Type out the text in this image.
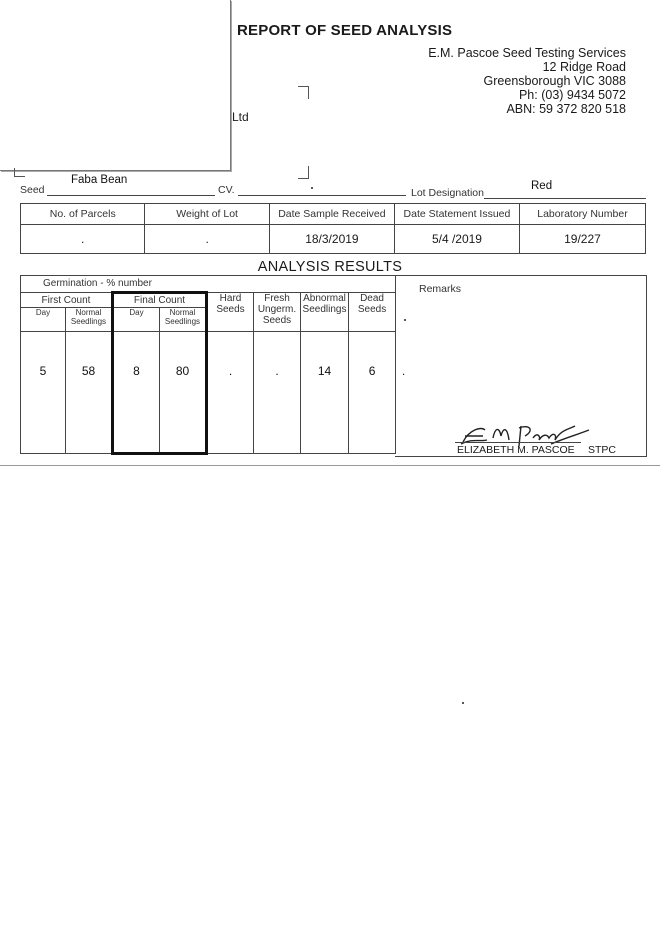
REPORT OF SEED ANALYSIS
E.M. Pascoe Seed Testing Services
12 Ridge Road
Greensborough VIC 3088
Ph: (03) 9434 5072
ABN: 59 372 820 518
Ltd
Seed
Faba Bean
CV.	Lot Designation
Red
No. of Parcels	Weight of Lot	Date Sample Received	Date Statement Issued	Laboratory Number
.	.	18/3/2019	5/4 /2019	19/227
ANALYSIS RESULTS
Germination - % number							
First Count		Final Count		Hard Seeds	Fresh Ungerm. Seeds	Abnormal Seedlings	Dead Seeds
Day	Normal Seedlings	Day	Normal Seedlings				
5	58	8	80	.	.	14	6
Remarks
.
ELIZABETH M. PASCOE STPC
